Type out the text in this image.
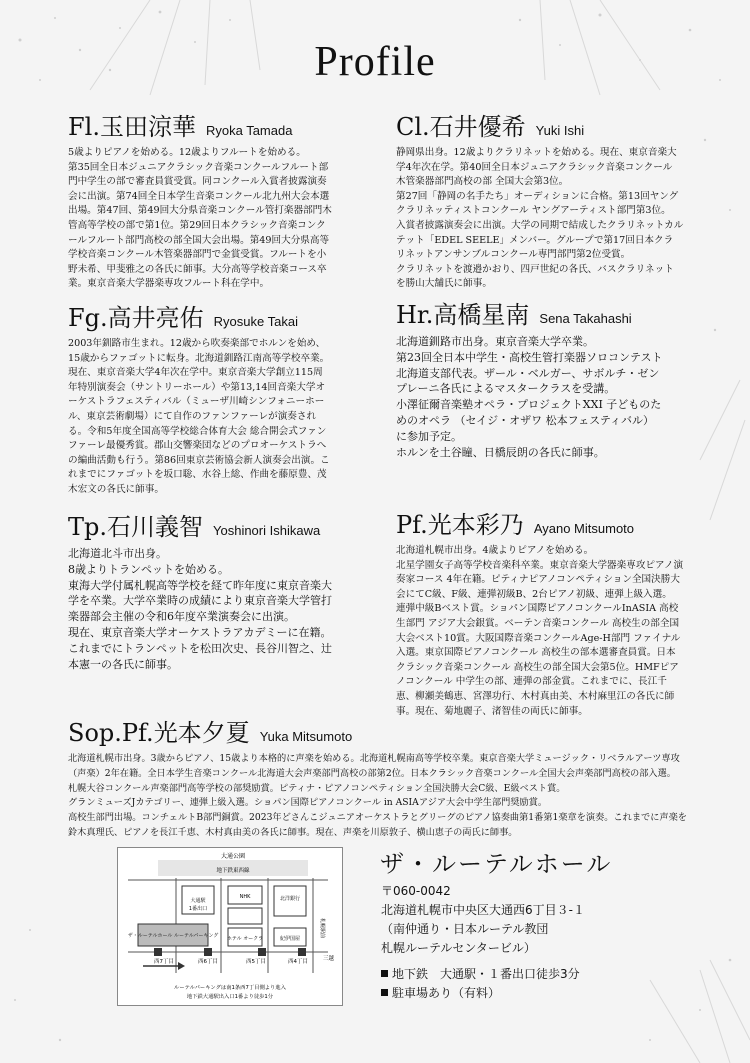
Profile
Fl.玉田涼華 Ryoka Tamada

5歳よりピアノを始める。12歳よりフルートを始める。

第35回全日本ジュニアクラシック音楽コンクールフルート部

門中学生の部で審査員賞受賞。同コンクール入賞者披露演奏

会に出演。第74回全日本学生音楽コンクール北九州大会本選

出場。第47回、第49回大分県音楽コンクール管打楽器部門木

管高等学校の部で第1位。第29回日本クラシック音楽コンク

ールフルート部門高校の部全国大会出場。第49回大分県高等

学校音楽コンクール木管楽器部門で金賞受賞。フルートを小

野未希、甲斐雅之の各氏に師事。大分高等学校音楽コース卒

業。東京音楽大学器楽専攻フルート科在学中。

Cl.石井優希 Yuki Ishi

静岡県出身。12歳よりクラリネットを始める。現在、東京音楽大

学4年次在学。第40回全日本ジュニアクラシック音楽コンクール

木管楽器部門高校の部 全国大会第3位。

第27回「静岡の名手たち」オーディションに合格。第13回ヤング

クラリネッティストコンクール ヤングアーティスト部門第3位。

入賞者披露演奏会に出演。大学の同期で結成したクラリネットカル

テット「EDEL SEELE」メンバー。グループで第17回日本クラ

リネットアンサンブルコンクール専門部門第2位受賞。

クラリネットを渡邉かおり、四戸世紀の各氏、バスクラリネット

を勝山大舗氏に師事。

Fg.高井亮佑 Ryosuke Takai

2003年釧路市生まれ。12歳から吹奏楽部でホルンを始め、

15歳からファゴットに転身。北海道釧路江南高等学校卒業。

現在、東京音楽大学4年次在学中。東京音楽大学創立115周

年特別演奏会（サントリーホール）や第13,14回音楽大学オ

ーケストラフェスティバル（ミューザ川崎シンフォニーホー

ル、東京芸術劇場）にて自作のファンファーレが演奏され

る。令和5年度全国高等学校総合体育大会 総合開会式ファン

ファーレ最優秀賞。郡山交響楽団などのプロオーケストラへ

の編曲活動も行う。第86回東京芸術協会新人演奏会出演。こ

れまでにファゴットを坂口聡、水谷上総、作曲を藤原豊、茂

木宏文の各氏に師事。

Hr.高橋星南 Sena Takahashi

北海道釧路市出身。東京音楽大学卒業。

第23回全日本中学生・高校生管打楽器ソロコンテスト

北海道支部代表。ザール・ベルガー、サボルチ・ゼン

プレーニ各氏によるマスタークラスを受講。

小澤征爾音楽塾オペラ・プロジェクトXXI 子どものた

めのオペラ （セイジ・オザワ 松本フェスティバル）

に参加予定。

ホルンを土谷瞳、日橋辰朗の各氏に師事。

Tp.石川義智 Yoshinori Ishikawa

北海道北斗市出身。

8歳よりトランペットを始める。

東海大学付属札幌高等学校を経て昨年度に東京音楽大

学を卒業。大学卒業時の成績により東京音楽大学管打

楽器部会主催の令和6年度卒業演奏会に出演。

現在、東京音楽大学オーケストラアカデミーに在籍。

これまでにトランペットを松田次史、長谷川智之、辻

本憲一の各氏に師事。

Pf.光本彩乃 Ayano Mitsumoto

北海道札幌市出身。4歳よりピアノを始める。

北星学園女子高等学校音楽科卒業。東京音楽大学器楽専攻ピアノ演

奏家コース 4年在籍。ピティナピアノコンペティション全国決勝大

会にてC級、F級、連弾初級B、2台ピアノ初級、連弾上級入選。

連弾中級Bベスト賞。ショパン国際ピアノコンクールInASIA 高校

生部門 アジア大会銀賞。ベーテン音楽コンクール 高校生の部全国

大会ベスト10賞。大阪国際音楽コンクールAge-H部門 ファイナル

入選。東京国際ピアノコンクール 高校生の部本選審査員賞。日本

クラシック音楽コンクール 高校生の部全国大会第5位。HMFピア

ノコンクール 中学生の部、連弾の部金賞。これまでに、長江千

恵、柳瀬美鶴恵、宮澤功行、木村真由美、木村麻里江の各氏に師

事。現在、菊地麗子、渚智佳の両氏に師事。

Sop.Pf.光本夕夏 Yuka Mitsumoto

北海道札幌市出身。3歳からピアノ、15歳より本格的に声楽を始める。北海道札幌南高等学校卒業。東京音楽大学ミュージック・リベラルアーツ専攻

（声楽）2年在籍。全日本学生音楽コンクール北海道大会声楽部門高校の部第2位。日本クラシック音楽コンクール全国大会声楽部門高校の部入選。

札幌大谷コンクール声楽部門高等学校の部奨励賞。ピティナ・ピアノコンペティション全国決勝大会C級、E級ベスト賞。

グランミューズJカテゴリー、連弾上級入選。ショパン国際ピアノコンクール in ASIAアジア大会中学生部門奨励賞。

高校生部門出場。コンチェルトB部門銅賞。2023年どさんこジュニアオーケストラとグリーグのピアノ協奏曲第1番第1楽章を演奏。これまでに声楽を

鈴木真理氏、ピアノを長江千恵、木村真由美の各氏に師事。現在、声楽を川原敦子、横山恵子の両氏に師事。

大通公園
地下鉄東西線
ザ・ルーテルホール ルーテルパーキング
西7丁目	西6丁目	西5丁目	西4丁目
北洋銀行
NHK
札幌駅前
ホテル オークラ
三越
紀伊国屋
大通駅
1番出口
ルーテルパーキングは南1条西7丁目側より進入
地下鉄大通駅出入口1番より徒歩1分
ザ・ルーテルホール

〒060-0042

北海道札幌市中央区大通西6丁目３-１

（南仲通り・日本ルーテル教団

札幌ルーテルセンタービル）

地下鉄　大通駅・１番出口徒歩3分

駐車場あり（有料）
